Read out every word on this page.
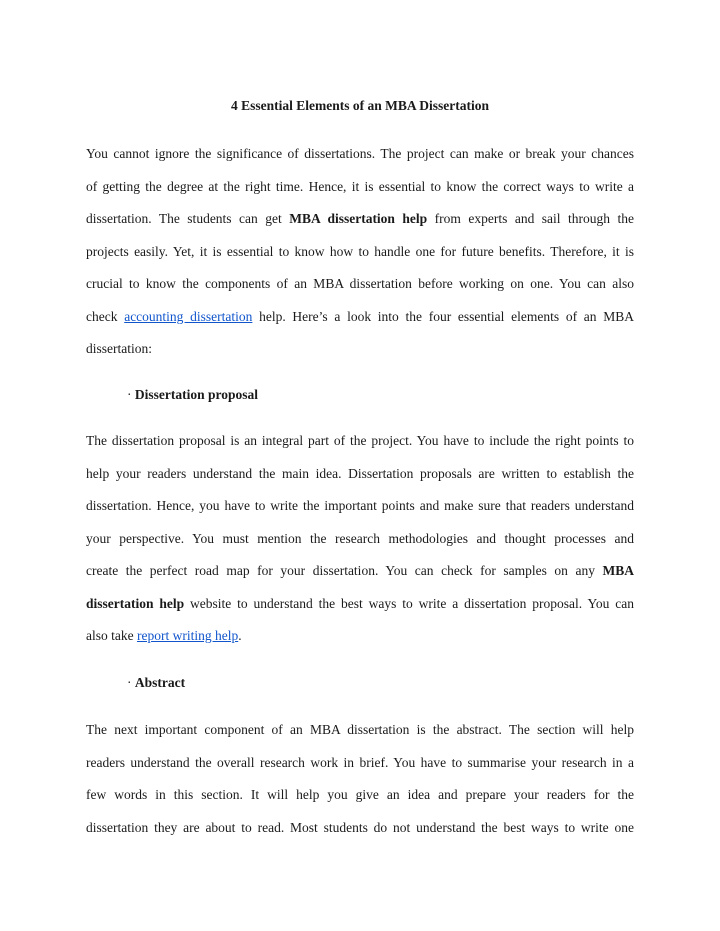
4 Essential Elements of an MBA Dissertation
You cannot ignore the significance of dissertations. The project can make or break your chances
of getting the degree at the right time. Hence, it is essential to know the correct ways to write a
dissertation. The students can get MBA dissertation help from experts and sail through the
projects easily. Yet, it is essential to know how to handle one for future benefits. Therefore, it is
crucial to know the components of an MBA dissertation before working on one. You can also
check accounting dissertation help. Here’s a look into the four essential elements of an MBA
dissertation:
· Dissertation proposal
The dissertation proposal is an integral part of the project. You have to include the right points to
help your readers understand the main idea. Dissertation proposals are written to establish the
dissertation. Hence, you have to write the important points and make sure that readers understand
your perspective. You must mention the research methodologies and thought processes and
create the perfect road map for your dissertation. You can check for samples on any MBA
dissertation help website to understand the best ways to write a dissertation proposal. You can
also take report writing help.
· Abstract
The next important component of an MBA dissertation is the abstract. The section will help
readers understand the overall research work in brief. You have to summarise your research in a
few words in this section. It will help you give an idea and prepare your readers for the
dissertation they are about to read. Most students do not understand the best ways to write one
